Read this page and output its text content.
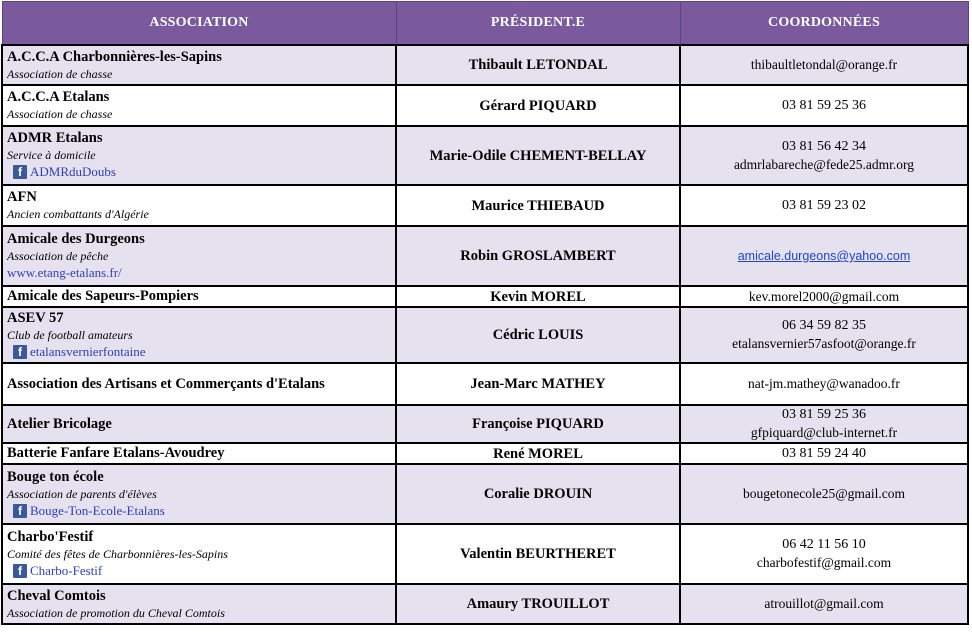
ASSOCIATION	PRÉSIDENT.E	COORDONNÉES

A.C.C.A Charbonnières-les-Sapins
Association de chasse	Thibault LETONDAL	thibaultletondal@orange.fr

A.C.C.A Etalans
Association de chasse	Gérard PIQUARD	03 81 59 25 36

ADMR Etalans
Service à domicile
f ADMRduDoubs	Marie-Odile CHEMENT-BELLAY	03 81 56 42 34
admrlabareche@fede25.admr.org

AFN
Ancien combattants d'Algérie	Maurice THIEBAUD	03 81 59 23 02

Amicale des Durgeons
Association de pêche
www.etang-etalans.fr/	Robin GROSLAMBERT	amicale.durgeons@yahoo.com

Amicale des Sapeurs-Pompiers	Kevin MOREL	kev.morel2000@gmail.com

ASEV 57
Club de football amateurs
f etalansvernierfontaine	Cédric LOUIS	06 34 59 82 35
etalansvernier57asfoot@orange.fr

Association des Artisans et Commerçants d'Etalans	Jean-Marc MATHEY	nat-jm.mathey@wanadoo.fr

Atelier Bricolage	Françoise PIQUARD	03 81 59 25 36
gfpiquard@club-internet.fr

Batterie Fanfare Etalans-Avoudrey	René MOREL	03 81 59 24 40

Bouge ton école
Association de parents d'élèves
f Bouge-Ton-Ecole-Etalans	Coralie DROUIN	bougetonecole25@gmail.com

Charbo'Festif
Comité des fêtes de Charbonnières-les-Sapins
f Charbo-Festif	Valentin BEURTHERET	06 42 11 56 10
charbofestif@gmail.com

Cheval Comtois
Association de promotion du Cheval Comtois	Amaury TROUILLOT	atrouillot@gmail.com
